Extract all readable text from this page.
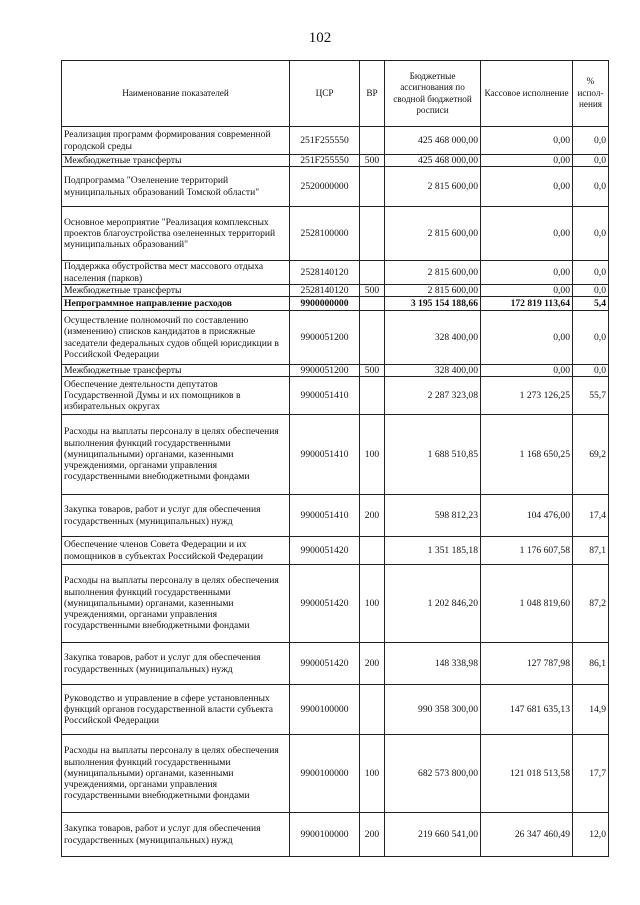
102
Наименование показателей	ЦСР	ВР	Бюджетные ассигнования по сводной бюджетной росписи	Кассовое исполнение	% испол-нения

Реализация программ формирования современной городской среды	251F255550		425 468 000,00	0,00	0,0

Межбюджетные трансферты	251F255550	500	425 468 000,00	0,00	0,0

Подпрограмма "Озеленение территорий муниципальных образований Томской области"	2520000000		2 815 600,00	0,00	0,0

Основное мероприятие "Реализация комплексных проектов благоустройства озелененных территорий муниципальных образований"	2528100000		2 815 600,00	0,00	0,0

Поддержка обустройства мест массового отдыха населения (парков)	2528140120		2 815 600,00	0,00	0,0

Межбюджетные трансферты	2528140120	500	2 815 600,00	0,00	0,0

Непрограммное направление расходов	9900000000		3 195 154 188,66	172 819 113,64	5,4

Осуществление полномочий по составлению (изменению) списков кандидатов в присяжные заседатели федеральных судов общей юрисдикции в Российской Федерации	9900051200		328 400,00	0,00	0,0

Межбюджетные трансферты	9900051200	500	328 400,00	0,00	0,0

Обеспечение деятельности депутатов Государственной Думы и их помощников в избирательных округах	9900051410		2 287 323,08	1 273 126,25	55,7

Расходы на выплаты персоналу в целях обеспечения выполнения функций государственными (муниципальными) органами, казенными учреждениями, органами управления государственными внебюджетными фондами	9900051410	100	1 688 510,85	1 168 650,25	69,2

Закупка товаров, работ и услуг для обеспечения государственных (муниципальных) нужд	9900051410	200	598 812,23	104 476,00	17,4

Обеспечение членов Совета Федерации и их помощников в субъектах Российской Федерации	9900051420		1 351 185,18	1 176 607,58	87,1

Расходы на выплаты персоналу в целях обеспечения выполнения функций государственными (муниципальными) органами, казенными учреждениями, органами управления государственными внебюджетными фондами	9900051420	100	1 202 846,20	1 048 819,60	87,2

Закупка товаров, работ и услуг для обеспечения государственных (муниципальных) нужд	9900051420	200	148 338,98	127 787,98	86,1

Руководство и управление в сфере установленных функций органов государственной власти субъекта Российской Федерации	9900100000		990 358 300,00	147 681 635,13	14,9

Расходы на выплаты персоналу в целях обеспечения выполнения функций государственными (муниципальными) органами, казенными учреждениями, органами управления государственными внебюджетными фондами	9900100000	100	682 573 800,00	121 018 513,58	17,7

Закупка товаров, работ и услуг для обеспечения государственных (муниципальных) нужд	9900100000	200	219 660 541,00	26 347 460,49	12,0
